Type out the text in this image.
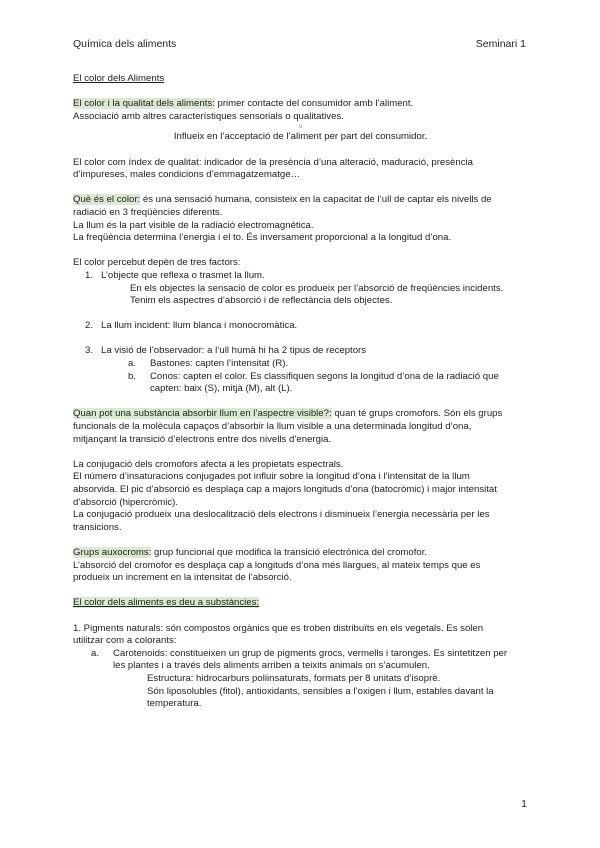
Química dels aliments	Seminari 1

El color dels Aliments

El color i la qualitat dels aliments: primer contacte del consumidor amb l’aliment.

Associació amb altres característiques sensorials o qualitatives.

o

Influeix en l’acceptació de l’aliment per part del consumidor.

El color com índex de qualitat: indicador de la presència d’una alteració, maduració, presència

d’impureses, males condicions d’emmagatzematge…

Què és el color: és una sensació humana, consisteix en la capacitat de l’ull de captar els nivells de

radiació en 3 freqüències diferents.

La llum és la part visible de la radiació electromagnètica.

La freqüència determina l’energia i el to. És inversament proporcional a la longitud d’ona.

El color percebut depèn de tres factors:

1. L’objecte que reflexa o trasmet la llum.

En els objectes la sensació de color es produeix per l’absorció de freqüències incidents.

Tenim els aspectres d’absorció i de reflectància dels objectes.

2. La llum incident: llum blanca i monocromàtica.
3. La visió de l’observador: a l’ull humà hi ha 2 tipus de receptors
a.	Bastones: capten l’intensitat (R).
b.	Conos: capten el color. Es classifiquen segons la longitud d’ona de la radiació que

capten: baix (S), mitjà (M), alt (L).

Quan pot una substància absorbir llum en l’aspectre visible?: quan té grups cromofors. Són els grups

funcionals de la molècula capaços d’absorbir la llum visible a una determinada longitud d’ona,

mitjançant la transició d’electrons entre dos nivells d’energia.

La conjugació dels cromofors afecta a les propietats espectrals.

El número d’insaturacions conjugades pot influir sobre la longitud d’ona i l’intensitat de la llum

absorvida. El pic d’absorció es desplaça cap a majors longituds d’ona (batocròmic) i major intensitat

d’absorció (hipercròmic).

La conjugació produeix una deslocalització dels electrons i disminueix l’energia necessària per les

transicions.

Grups auxocroms: grup funcional que modifica la transició electrònica del cromofor.

L’absorció del cromofor es desplaça cap a longituds d’ona més llargues, al mateix temps que es

produeix un increment en la intensitat de l’absorció.

El color dels aliments es deu a substàncies:

1. Pigments naturals: són compostos orgànics que es troben distribuïts en els vegetals. Es solen

utilitzar com a colorants:

a.	Carotenoids: constitueixen un grup de pigments grocs, vermells i taronges. Es sintetitzen per

les plantes i a través dels aliments arriben a teixits animals on s’acumulen.

Estructura: hidrocarburs poliinsaturats, formats per 8 unitats d’isoprè.

Són liposolubles (fitol), antioxidants, sensibles a l’oxigen i llum, estables davant la

temperatura.

1
